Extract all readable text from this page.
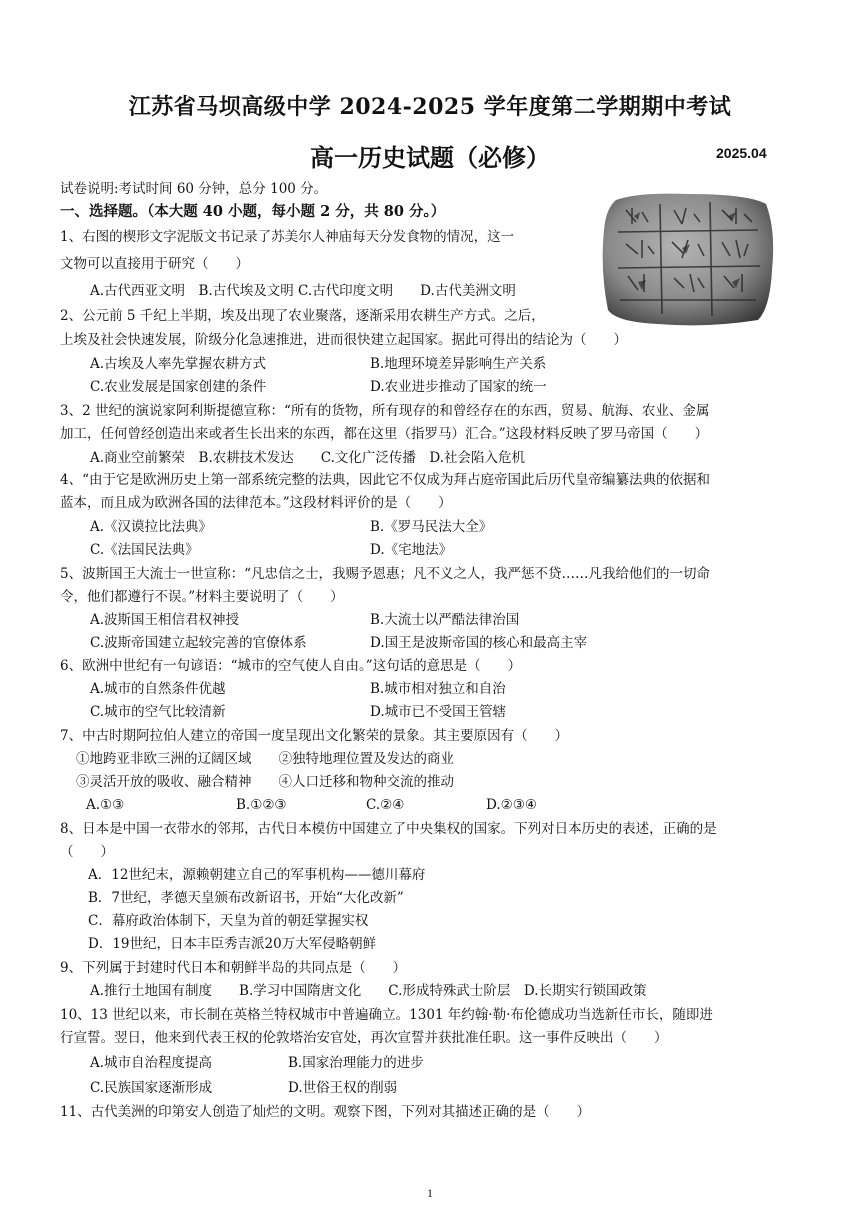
江苏省马坝高级中学 2024-2025 学年度第二学期期中考试
高一历史试题（必修）	2025.04
试卷说明:考试时间 60 分钟，总分 100 分。
一、选择题。（本大题 40 小题，每小题 2 分，共 80 分。）
1、右图的楔形文字泥版文书记录了苏美尔人神庙每天分发食物的情况，这一
文物可以直接用于研究（　　）
A.古代西亚文明　B.古代埃及文明 C.古代印度文明　　D.古代美洲文明
2、公元前 5 千纪上半期，埃及出现了农业聚落，逐渐采用农耕生产方式。之后，
上埃及社会快速发展，阶级分化急速推进，进而很快建立起国家。据此可得出的结论为（　　）
A.古埃及人率先掌握农耕方式	B.地理环境差异影响生产关系
C.农业发展是国家创建的条件	D.农业进步推动了国家的统一
3、2 世纪的演说家阿利斯提德宣称：“所有的货物，所有现存的和曾经存在的东西，贸易、航海、农业、金属
加工，任何曾经创造出来或者生长出来的东西，都在这里（指罗马）汇合。”这段材料反映了罗马帝国（　　）
A.商业空前繁荣　B.农耕技术发达　　C.文化广泛传播　D.社会陷入危机
4、“由于它是欧洲历史上第一部系统完整的法典，因此它不仅成为拜占庭帝国此后历代皇帝编纂法典的依据和
蓝本，而且成为欧洲各国的法律范本。”这段材料评价的是（　　）
A.《汉谟拉比法典》	B.《罗马民法大全》
C.《法国民法典》	D.《宅地法》
5、波斯国王大流士一世宣称：“凡忠信之士，我赐予恩惠；凡不义之人，我严惩不贷……凡我给他们的一切命
令，他们都遵行不误。”材料主要说明了（　　）
A.波斯国王相信君权神授	B.大流士以严酷法律治国
C.波斯帝国建立起较完善的官僚体系	D.国王是波斯帝国的核心和最高主宰
6、欧洲中世纪有一句谚语：“城市的空气使人自由。”这句话的意思是（　　）
A.城市的自然条件优越	B.城市相对独立和自治
C.城市的空气比较清新	D.城市已不受国王管辖
7、中古时期阿拉伯人建立的帝国一度呈现出文化繁荣的景象。其主要原因有（　　）
①地跨亚非欧三洲的辽阔区域　　②独特地理位置及发达的商业
③灵活开放的吸收、融合精神　　④人口迁移和物种交流的推动
A.①③	B.①②③	C.②④	D.②③④
8、日本是中国一衣带水的邻邦，古代日本模仿中国建立了中央集权的国家。下列对日本历史的表述，正确的是
（　　）
A．12世纪末，源赖朝建立自己的军事机构——德川幕府
B．7世纪，孝德天皇颁布改新诏书，开始“大化改新”
C．幕府政治体制下，天皇为首的朝廷掌握实权
D．19世纪，日本丰臣秀吉派20万大军侵略朝鲜
9、下列属于封建时代日本和朝鲜半岛的共同点是（　　）
A.推行土地国有制度　　B.学习中国隋唐文化　　C.形成特殊武士阶层　D.长期实行锁国政策
10、13 世纪以来，市长制在英格兰特权城市中普遍确立。1301 年约翰·勒·布伦德成功当选新任市长，随即进
行宣誓。翌日，他来到代表王权的伦敦塔治安官处，再次宣誓并获批准任职。这一事件反映出（　　）
A.城市自治程度提高	B.国家治理能力的进步
C.民族国家逐渐形成	D.世俗王权的削弱
11、古代美洲的印第安人创造了灿烂的文明。观察下图，下列对其描述正确的是（　　）
1
